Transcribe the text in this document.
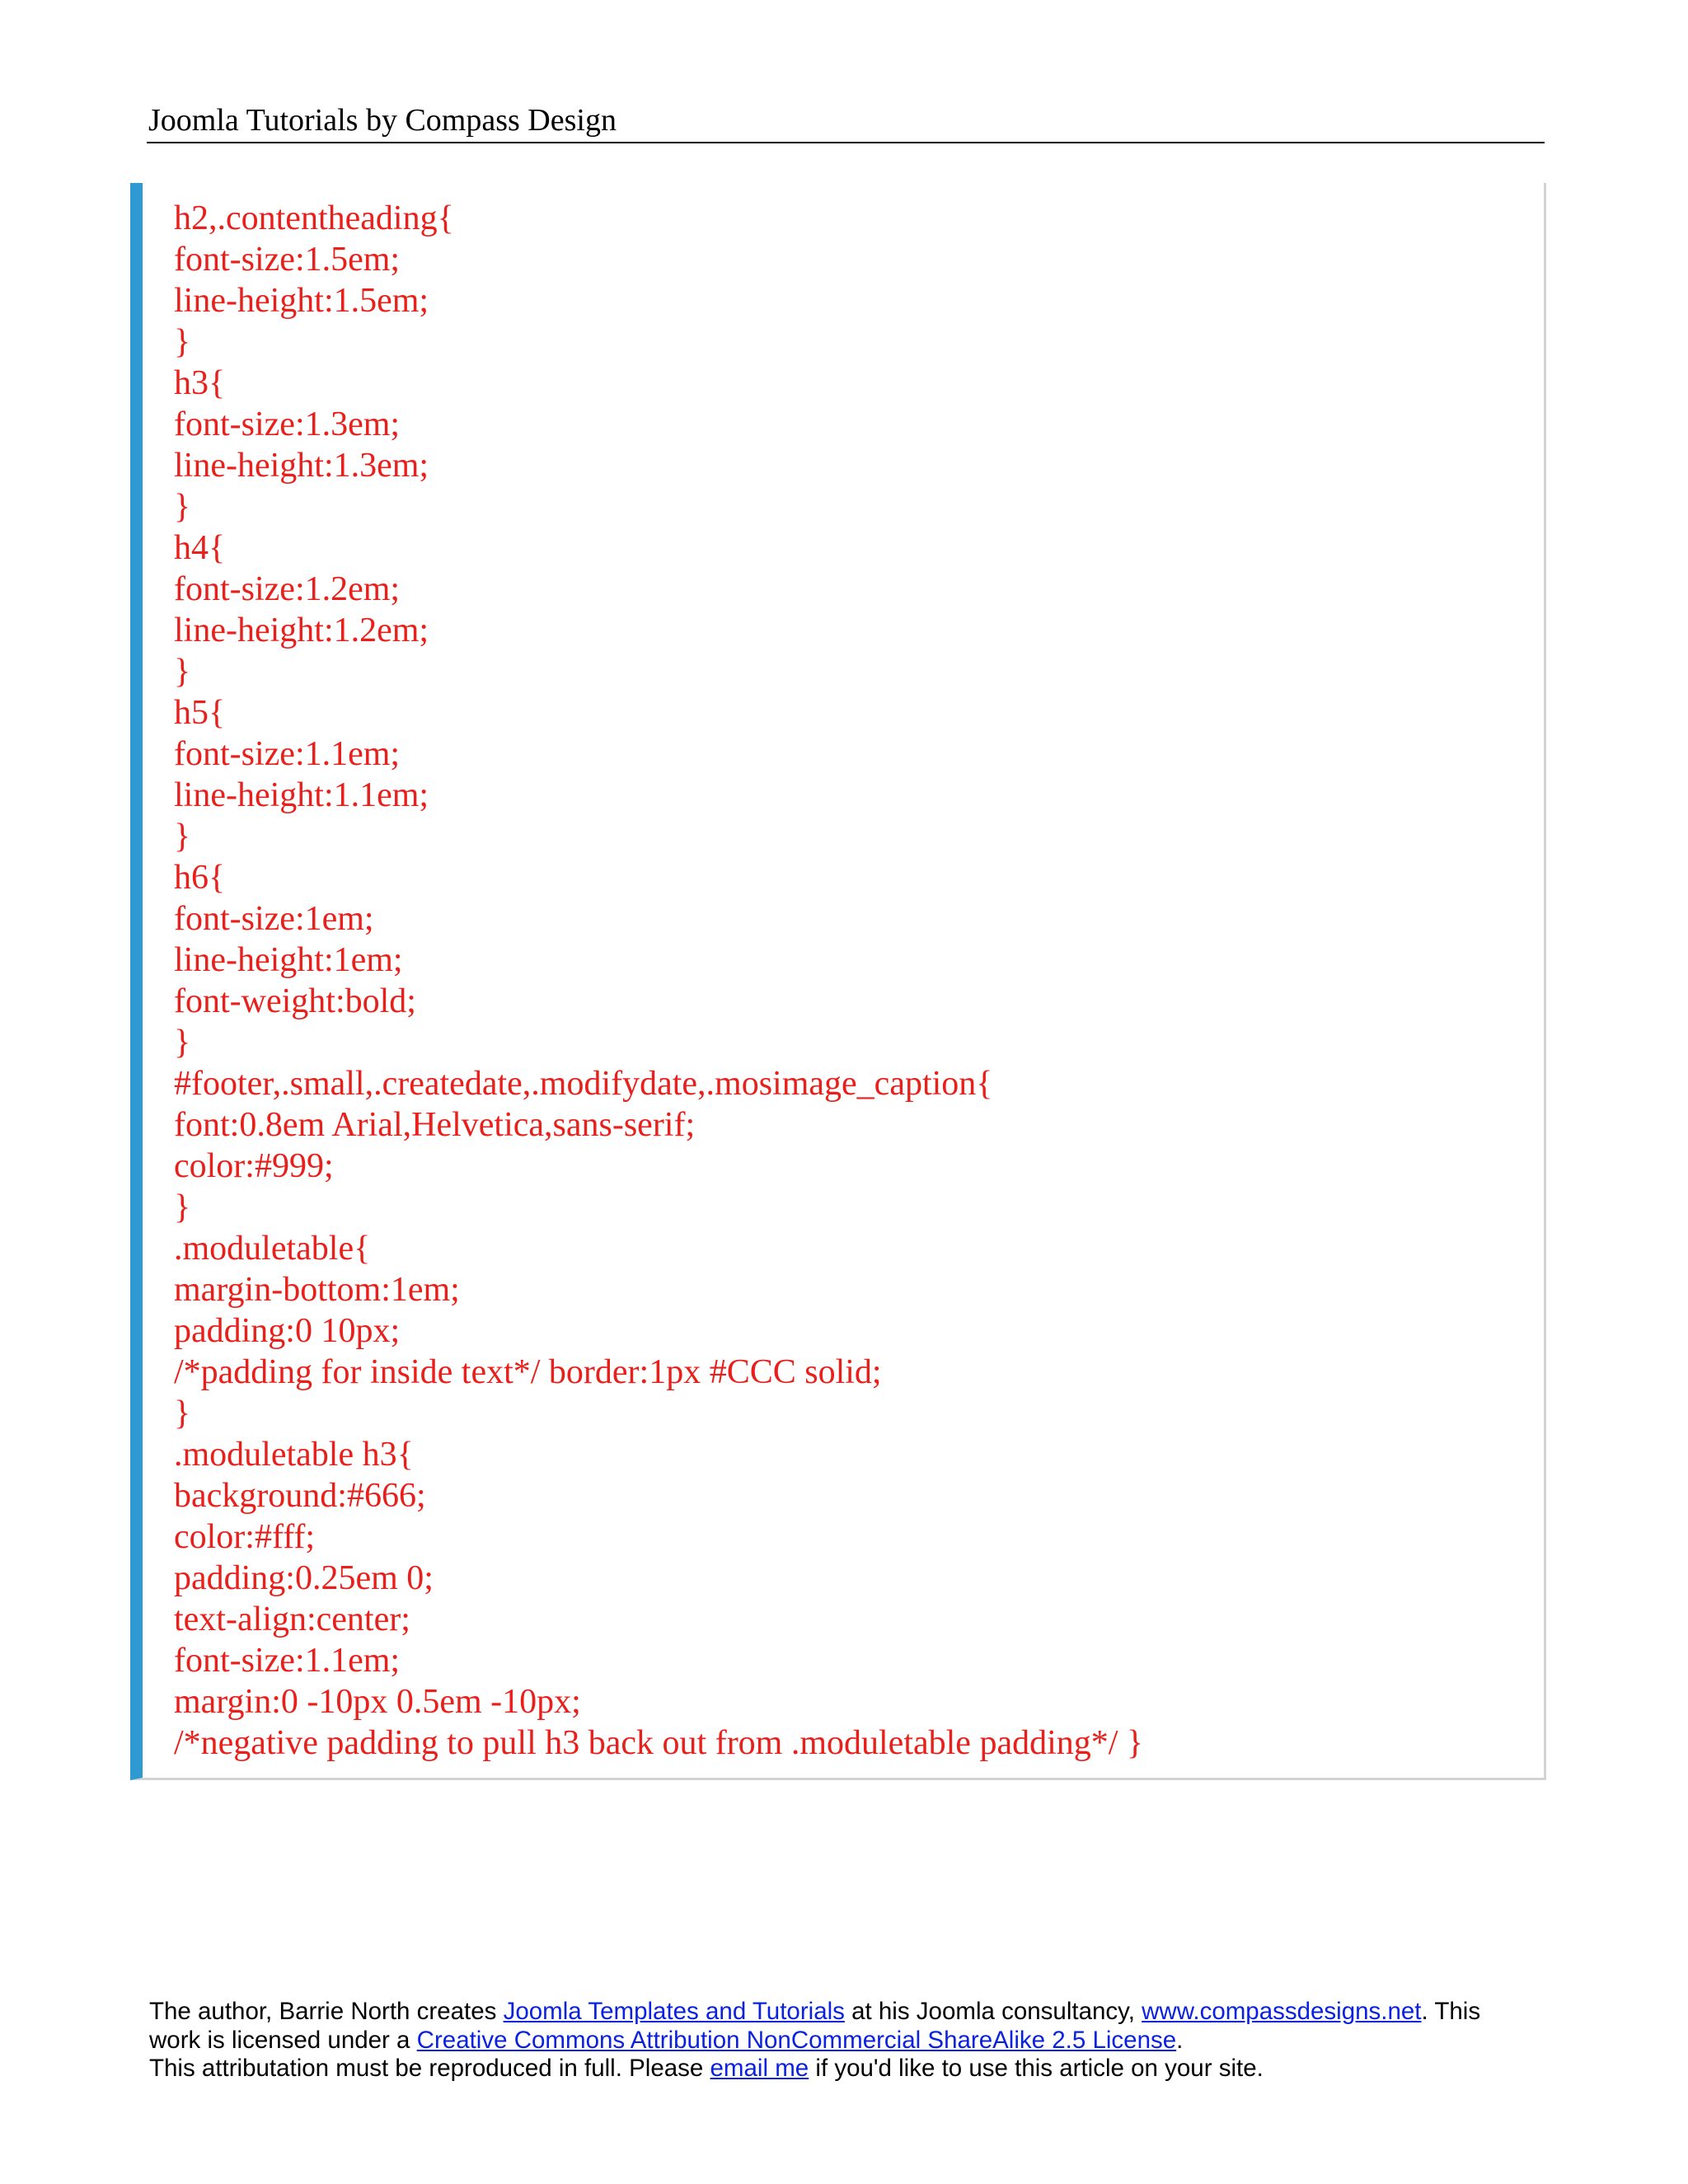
Joomla Tutorials by Compass Design
h2,.contentheading{
font-size:1.5em;
line-height:1.5em;
}
h3{
font-size:1.3em;
line-height:1.3em;
}
h4{
font-size:1.2em;
line-height:1.2em;
}
h5{
font-size:1.1em;
line-height:1.1em;
}
h6{
font-size:1em;
line-height:1em;
font-weight:bold;
}
#footer,.small,.createdate,.modifydate,.mosimage_caption{
font:0.8em Arial,Helvetica,sans-serif;
color:#999;
}
.moduletable{
margin-bottom:1em;
padding:0 10px;
/*padding for inside text*/ border:1px #CCC solid;
}
.moduletable h3{
background:#666;
color:#fff;
padding:0.25em 0;
text-align:center;
font-size:1.1em;
margin:0 -10px 0.5em -10px;
/*negative padding to pull h3 back out from .moduletable padding*/ }
The author, Barrie North creates Joomla Templates and Tutorials at his Joomla consultancy, www.compassdesigns.net. This
work is licensed under a Creative Commons Attribution NonCommercial ShareAlike 2.5 License.
This attributation must be reproduced in full. Please email me if you'd like to use this article on your site.
